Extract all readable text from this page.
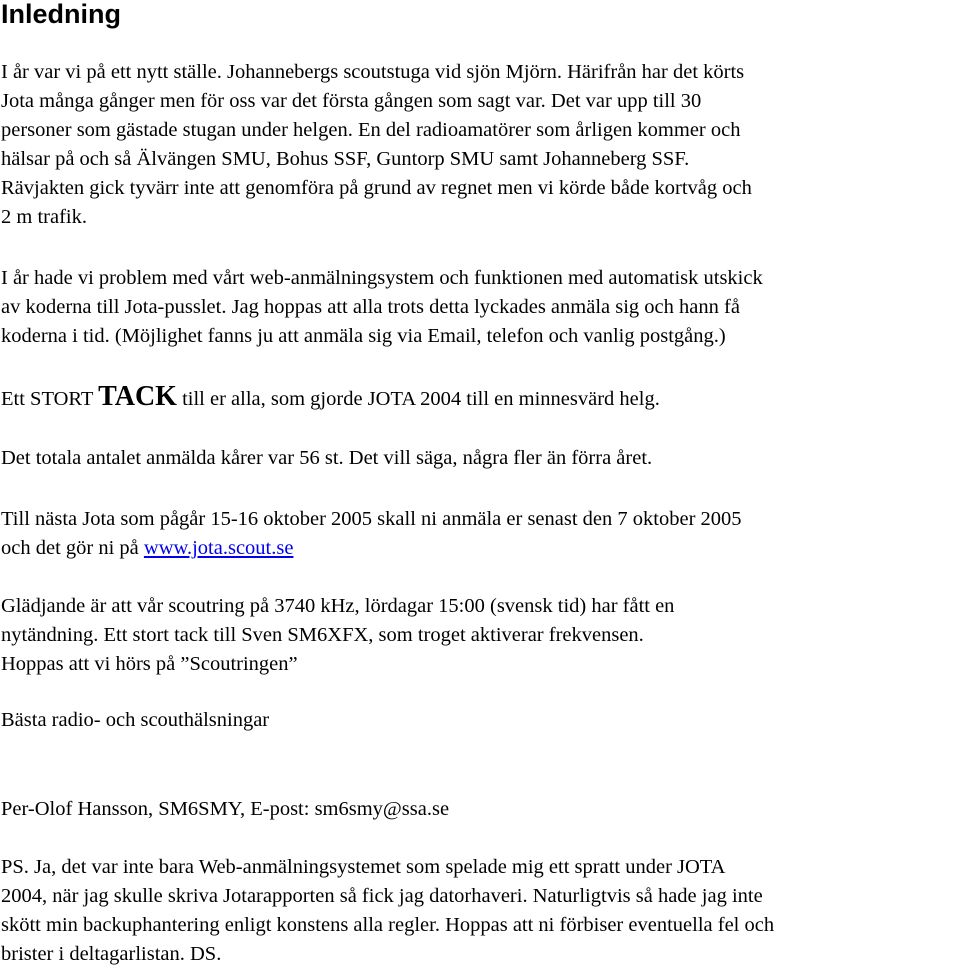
Inledning

I år var vi på ett nytt ställe. Johannebergs scoutstuga vid sjön Mjörn. Härifrån har det körts

Jota många gånger men för oss var det första gången som sagt var. Det var upp till 30

personer som gästade stugan under helgen. En del radioamatörer som årligen kommer och

hälsar på och så Älvängen SMU, Bohus SSF, Guntorp SMU samt Johanneberg SSF.

Rävjakten gick tyvärr inte att genomföra på grund av regnet men vi körde både kortvåg och

2 m trafik.

I år hade vi problem med vårt web-anmälningsystem och funktionen med automatisk utskick

av koderna till Jota-pusslet. Jag hoppas att alla trots detta lyckades anmäla sig och hann få

koderna i tid. (Möjlighet fanns ju att anmäla sig via Email, telefon och vanlig postgång.)

Ett STORT TACK till er alla, som gjorde JOTA 2004 till en minnesvärd helg.

Det totala antalet anmälda kårer var 56 st. Det vill säga, några fler än förra året.

Till nästa Jota som pågår 15-16 oktober 2005 skall ni anmäla er senast den 7 oktober 2005

och det gör ni på www.jota.scout.se

Glädjande är att vår scoutring på 3740 kHz, lördagar 15:00 (svensk tid) har fått en

nytändning. Ett stort tack till Sven SM6XFX, som troget aktiverar frekvensen.

Hoppas att vi hörs på ”Scoutringen”

Bästa radio- och scouthälsningar

Per-Olof Hansson, SM6SMY, E-post: sm6smy@ssa.se

PS. Ja, det var inte bara Web-anmälningsystemet som spelade mig ett spratt under JOTA

2004, när jag skulle skriva Jotarapporten så fick jag datorhaveri. Naturligtvis så hade jag inte

skött min backuphantering enligt konstens alla regler. Hoppas att ni förbiser eventuella fel och

brister i deltagarlistan. DS.
